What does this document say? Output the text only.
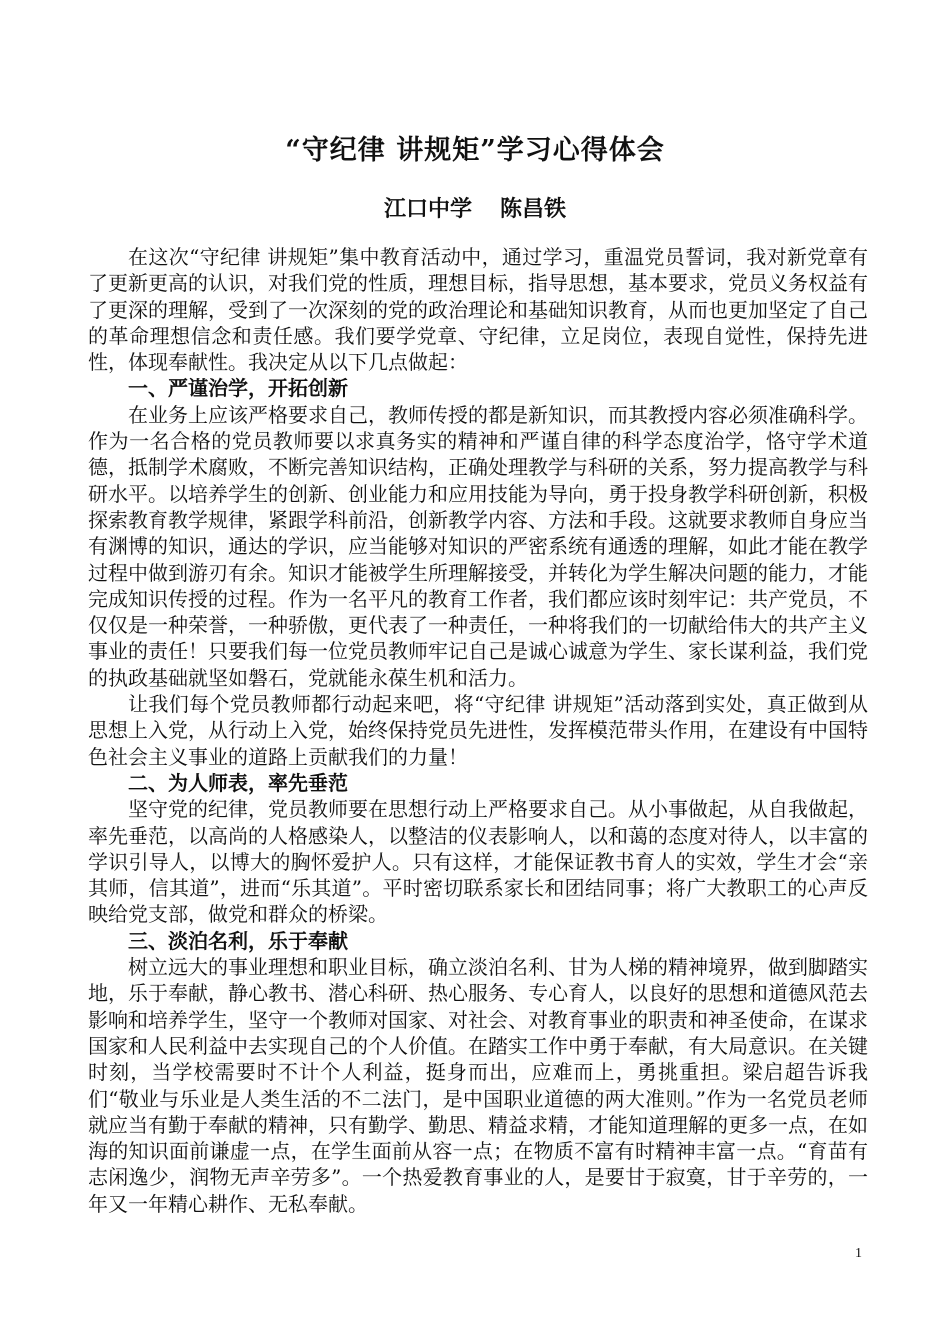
“守纪律 讲规矩”学习心得体会
江口中学 陈昌铁

在这次“守纪律 讲规矩”集中教育活动中，通过学习，重温党员誓词，我对新党章有了更新更高的认识，对我们党的性质，理想目标，指导思想，基本要求，党员义务权益有了更深的理解，受到了一次深刻的党的政治理论和基础知识教育，从而也更加坚定了自己的革命理想信念和责任感。我们要学党章、守纪律，立足岗位，表现自觉性，保持先进性，体现奉献性。我决定从以下几点做起：

一、严谨治学，开拓创新

在业务上应该严格要求自己，教师传授的都是新知识，而其教授内容必须准确科学。作为一名合格的党员教师要以求真务实的精神和严谨自律的科学态度治学，恪守学术道德，抵制学术腐败，不断完善知识结构，正确处理教学与科研的关系，努力提高教学与科研水平。以培养学生的创新、创业能力和应用技能为导向，勇于投身教学科研创新，积极探索教育教学规律，紧跟学科前沿，创新教学内容、方法和手段。这就要求教师自身应当有渊博的知识，通达的学识，应当能够对知识的严密系统有通透的理解，如此才能在教学过程中做到游刃有余。知识才能被学生所理解接受，并转化为学生解决问题的能力，才能完成知识传授的过程。作为一名平凡的教育工作者，我们都应该时刻牢记：共产党员，不仅仅是一种荣誉，一种骄傲，更代表了一种责任，一种将我们的一切献给伟大的共产主义事业的责任！只要我们每一位党员教师牢记自己是诚心诚意为学生、家长谋利益，我们党的执政基础就坚如磐石，党就能永葆生机和活力。

让我们每个党员教师都行动起来吧，将“守纪律 讲规矩”活动落到实处，真正做到从思想上入党，从行动上入党，始终保持党员先进性，发挥模范带头作用，在建设有中国特色社会主义事业的道路上贡献我们的力量！

二、为人师表，率先垂范

坚守党的纪律，党员教师要在思想行动上严格要求自己。从小事做起，从自我做起，率先垂范，以高尚的人格感染人，以整洁的仪表影响人，以和蔼的态度对待人，以丰富的学识引导人，以博大的胸怀爱护人。只有这样，才能保证教书育人的实效，学生才会“亲其师，信其道”，进而“乐其道”。平时密切联系家长和团结同事；将广大教职工的心声反映给党支部，做党和群众的桥梁。

三、淡泊名利，乐于奉献

树立远大的事业理想和职业目标，确立淡泊名利、甘为人梯的精神境界，做到脚踏实地，乐于奉献，静心教书、潜心科研、热心服务、专心育人，以良好的思想和道德风范去影响和培养学生，坚守一个教师对国家、对社会、对教育事业的职责和神圣使命，在谋求国家和人民利益中去实现自己的个人价值。在踏实工作中勇于奉献，有大局意识。在关键时刻，当学校需要时不计个人利益，挺身而出，应难而上，勇挑重担。梁启超告诉我们“敬业与乐业是人类生活的不二法门，是中国职业道德的两大准则。”作为一名党员老师就应当有勤于奉献的精神，只有勤学、勤思、精益求精，才能知道理解的更多一点，在如海的知识面前谦虚一点，在学生面前从容一点；在物质不富有时精神丰富一点。“育苗有志闲逸少，润物无声辛劳多”。一个热爱教育事业的人，是要甘于寂寞，甘于辛劳的，一年又一年精心耕作、无私奉献。

1
